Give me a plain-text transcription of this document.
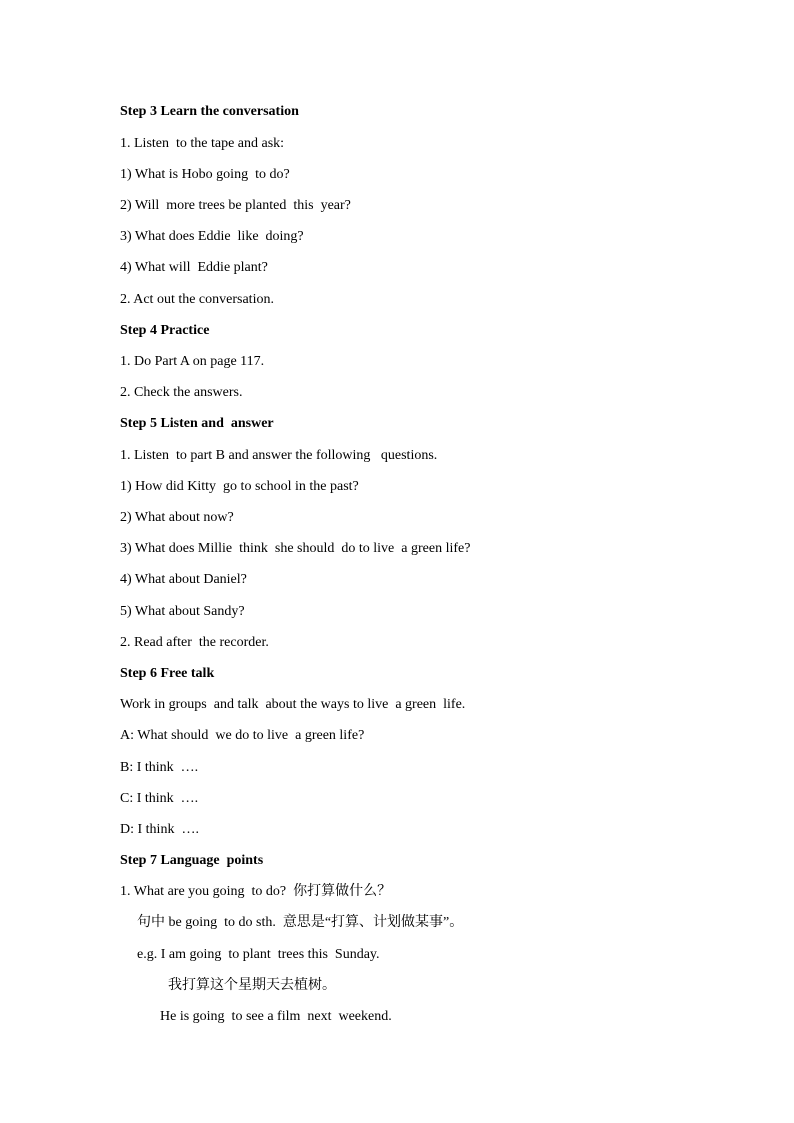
Step 3 Learn the conversation
1. Listen  to the tape and ask:
1) What is Hobo going  to do?
2) Will  more trees be planted  this  year?
3) What does Eddie  like  doing?
4) What will  Eddie plant?
2. Act out the conversation.
Step 4 Practice
1. Do Part A on page 117.
2. Check the answers.
Step 5 Listen and  answer
1. Listen  to part B and answer the following   questions.
1) How did Kitty  go to school in the past?
2) What about now?
3) What does Millie  think  she should  do to live  a green life?
4) What about Daniel?
5) What about Sandy?
2. Read after  the recorder.
Step 6 Free talk
Work in groups  and talk  about the ways to live  a green  life.
A: What should  we do to live  a green life?
B: I think  ….
C: I think  ….
D: I think  ….
Step 7 Language  points
1. What are you going  to do?  你打算做什么？
句中 be going  to do sth.  意思是“打算、计划做某事”。
e.g. I am going  to plant  trees this  Sunday.
我打算这个星期天去植树。
He is going  to see a film  next  weekend.
